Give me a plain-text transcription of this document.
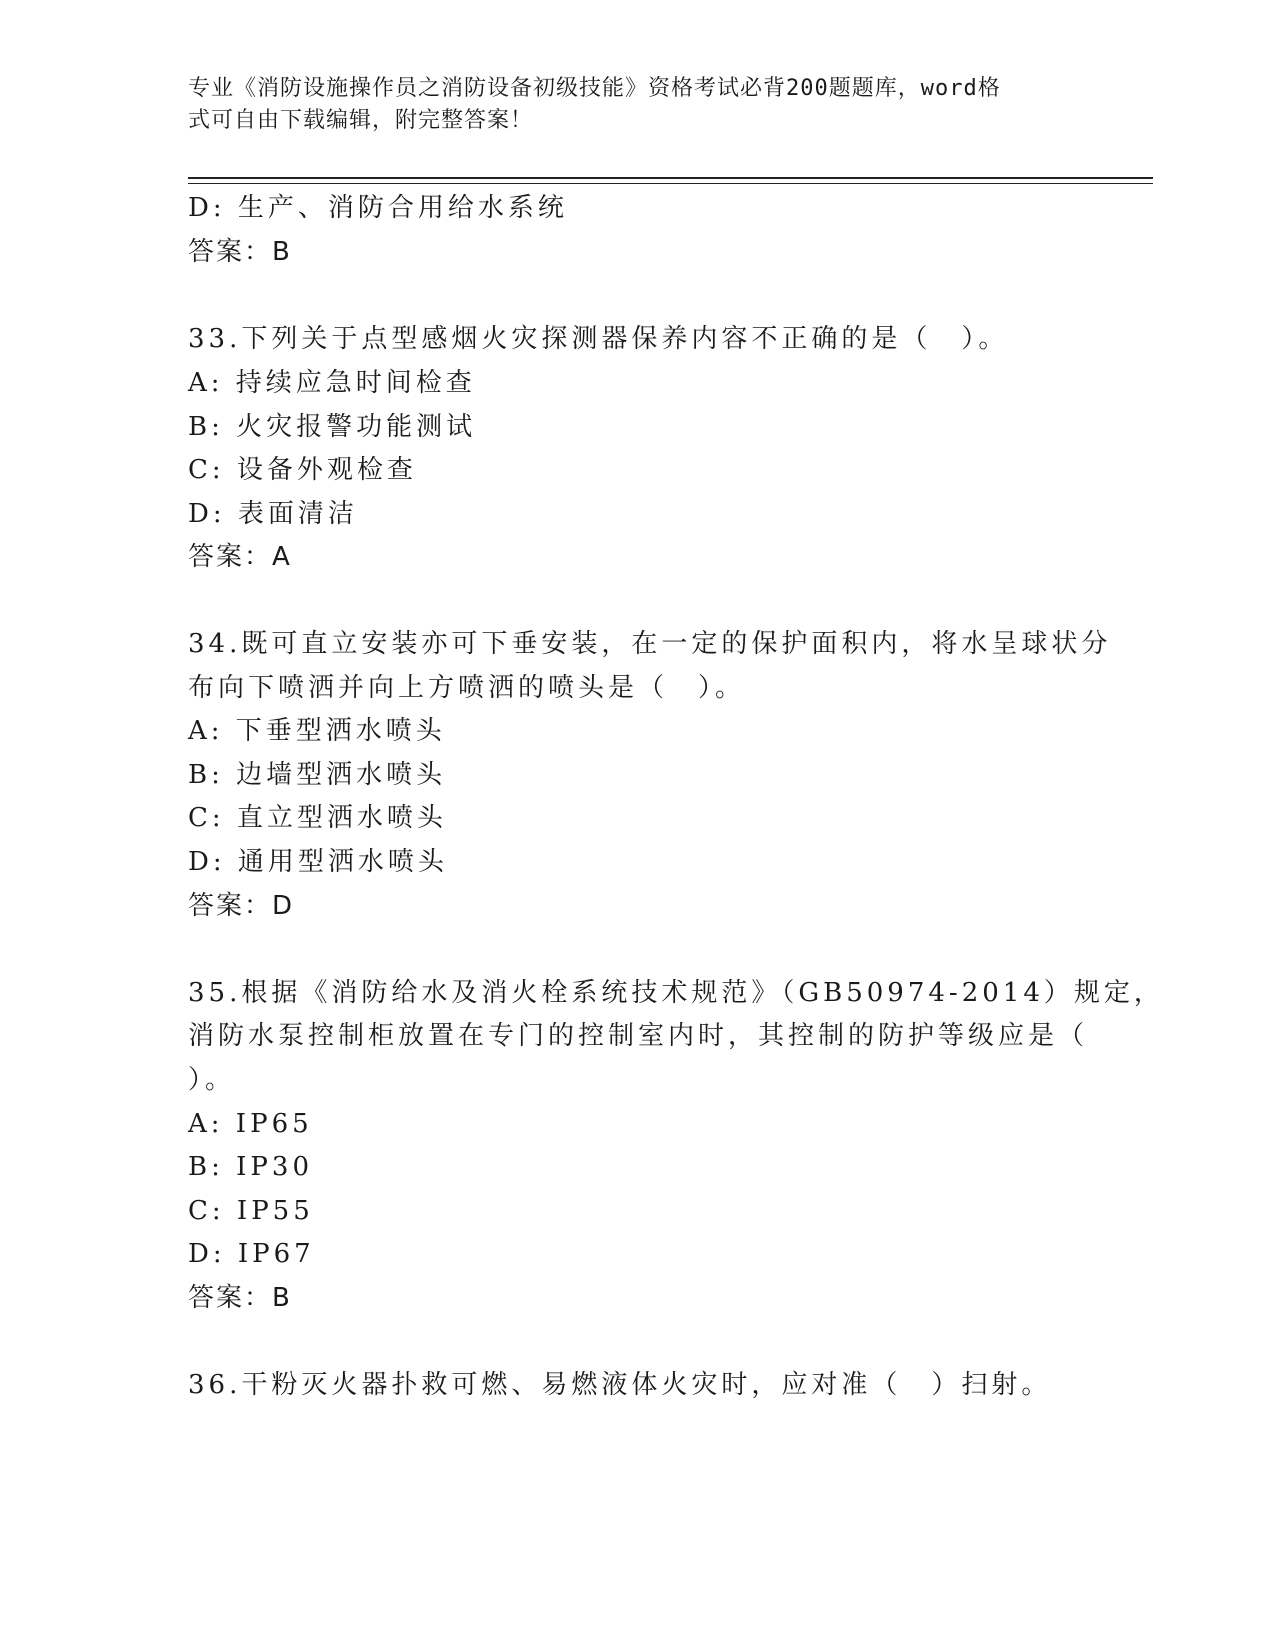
专业《消防设施操作员之消防设备初级技能》资格考试必背200题题库，word格
式可自由下载编辑，附完整答案！
D: 生产、消防合用给水系统
答案：B
33.下列关于点型感烟火灾探测器保养内容不正确的是（　）。
A: 持续应急时间检查
B: 火灾报警功能测试
C: 设备外观检查
D: 表面清洁
答案：A
34.既可直立安装亦可下垂安装，在一定的保护面积内，将水呈球状分
布向下喷洒并向上方喷洒的喷头是（　）。
A: 下垂型洒水喷头
B: 边墙型洒水喷头
C: 直立型洒水喷头
D: 通用型洒水喷头
答案：D
35.根据《消防给水及消火栓系统技术规范》（GB50974-2014）规定，
消防水泵控制柜放置在专门的控制室内时，其控制的防护等级应是（
）。
A: IP65
B: IP30
C: IP55
D: IP67
答案：B
36.干粉灭火器扑救可燃、易燃液体火灾时，应对准（　）扫射。
